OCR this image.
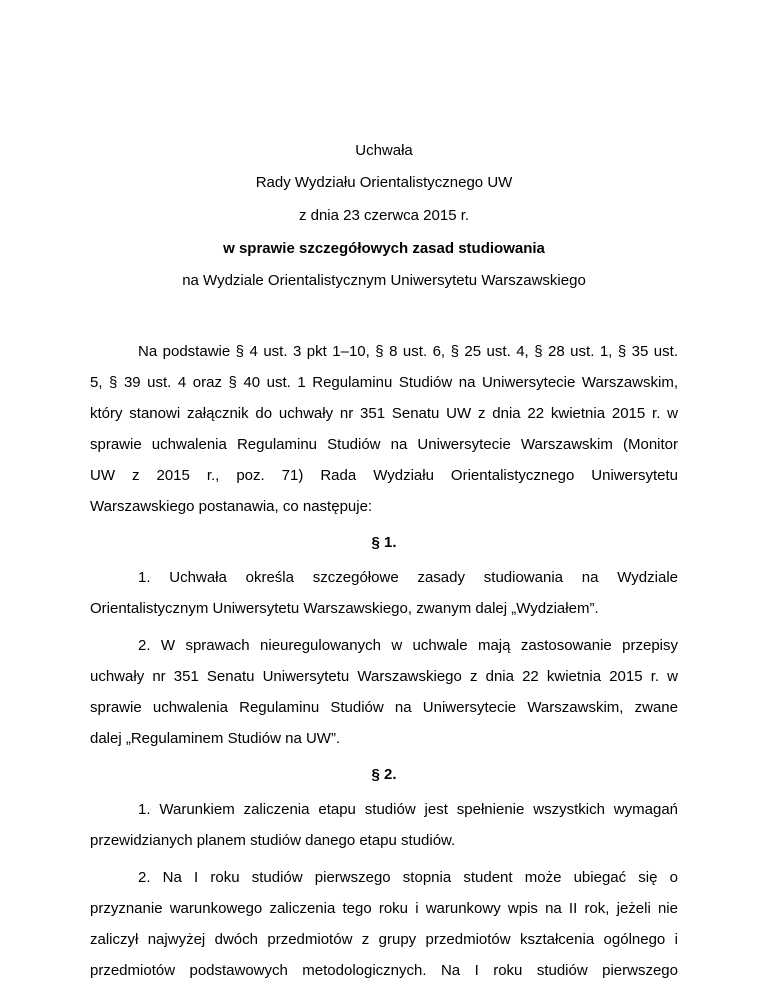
Uchwała
Rady Wydziału Orientalistycznego UW
z dnia 23 czerwca 2015 r.
w sprawie szczegółowych zasad studiowania
na Wydziale Orientalistycznym Uniwersytetu Warszawskiego
Na podstawie § 4 ust. 3 pkt 1–10, § 8 ust. 6, § 25 ust. 4, § 28 ust. 1, § 35 ust.
5, § 39 ust. 4 oraz § 40 ust. 1 Regulaminu Studiów na Uniwersytecie Warszawskim,
który stanowi załącznik do uchwały nr 351 Senatu UW z dnia 22 kwietnia 2015 r. w
sprawie uchwalenia Regulaminu Studiów na Uniwersytecie Warszawskim (Monitor
UW z 2015 r., poz. 71) Rada Wydziału Orientalistycznego Uniwersytetu
Warszawskiego postanawia, co następuje:
§ 1.
1. Uchwała określa szczegółowe zasady studiowania na Wydziale
Orientalistycznym Uniwersytetu Warszawskiego, zwanym dalej „Wydziałem”.
2. W sprawach nieuregulowanych w uchwale mają zastosowanie przepisy
uchwały nr 351 Senatu Uniwersytetu Warszawskiego z dnia 22 kwietnia 2015 r. w
sprawie uchwalenia Regulaminu Studiów na Uniwersytecie Warszawskim, zwane
dalej „Regulaminem Studiów na UW”.
§ 2.
1. Warunkiem zaliczenia etapu studiów jest spełnienie wszystkich wymagań
przewidzianych planem studiów danego etapu studiów.
2. Na I roku studiów pierwszego stopnia student może ubiegać się o
przyznanie warunkowego zaliczenia tego roku i warunkowy wpis na II rok, jeżeli nie
zaliczył najwyżej dwóch przedmiotów z grupy przedmiotów kształcenia ogólnego i
przedmiotów podstawowych metodologicznych. Na I roku studiów pierwszego
